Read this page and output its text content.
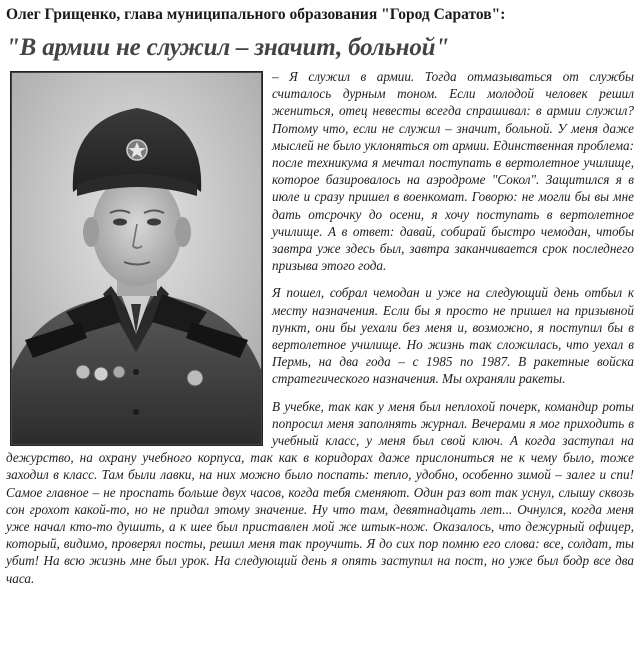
Олег Грищенко, глава муниципального образования "Город Саратов":
"В армии не служил – значит, больной"

– Я служил в армии. Тогда отмазываться от службы считалось дурным тоном. Если молодой человек решил жениться, отец невесты всегда спрашивал: в армии служил? Потому что, если не служил – значит, больной. У меня даже мыслей не было уклоняться от армии. Единственная проблема: после техникума я мечтал поступать в вертолетное училище, которое базировалось на аэродроме "Сокол". Защитился я в июле и сразу пришел в военкомат. Говорю: не могли бы вы мне дать отсрочку до осени, я хочу поступать в вертолетное училище. А в ответ: давай, собирай быстро чемодан, чтобы завтра уже здесь был, завтра заканчивается срок последнего призыва этого года.

Я пошел, собрал чемодан и уже на следующий день отбыл к месту назначения. Если бы я просто не пришел на призывной пункт, они бы уехали без меня и, возможно, я поступил бы в вертолетное училище. Но жизнь так сложилась, что уехал в Пермь, на два года – с 1985 по 1987. В ракетные войска стратегического назначения. Мы охраняли ракеты.

В учебке, так как у меня был неплохой почерк, командир роты попросил меня заполнять журнал. Вечерами я мог приходить в учебный класс, у меня был свой ключ. А когда заступал на дежурство, на охрану учебного корпуса, так как в коридорах даже прислониться не к чему было, тоже заходил в класс. Там были лавки, на них можно было поспать: тепло, удобно, особенно зимой – залег и спи! Самое главное – не проспать больше двух часов, когда тебя сменяют. Один раз вот так уснул, слышу сквозь сон грохот какой-то, но не придал этому значение. Ну что там, девятнадцать лет... Очнулся, когда меня уже начал кто-то душить, а к шее был приставлен мой же штык-нож. Оказалось, что дежурный офицер, который, видимо, проверял посты, решил меня так проучить. Я до сих пор помню его слова: все, солдат, ты убит! На всю жизнь мне был урок. На следующий день я опять заступил на пост, но уже был бодр все два часа.
